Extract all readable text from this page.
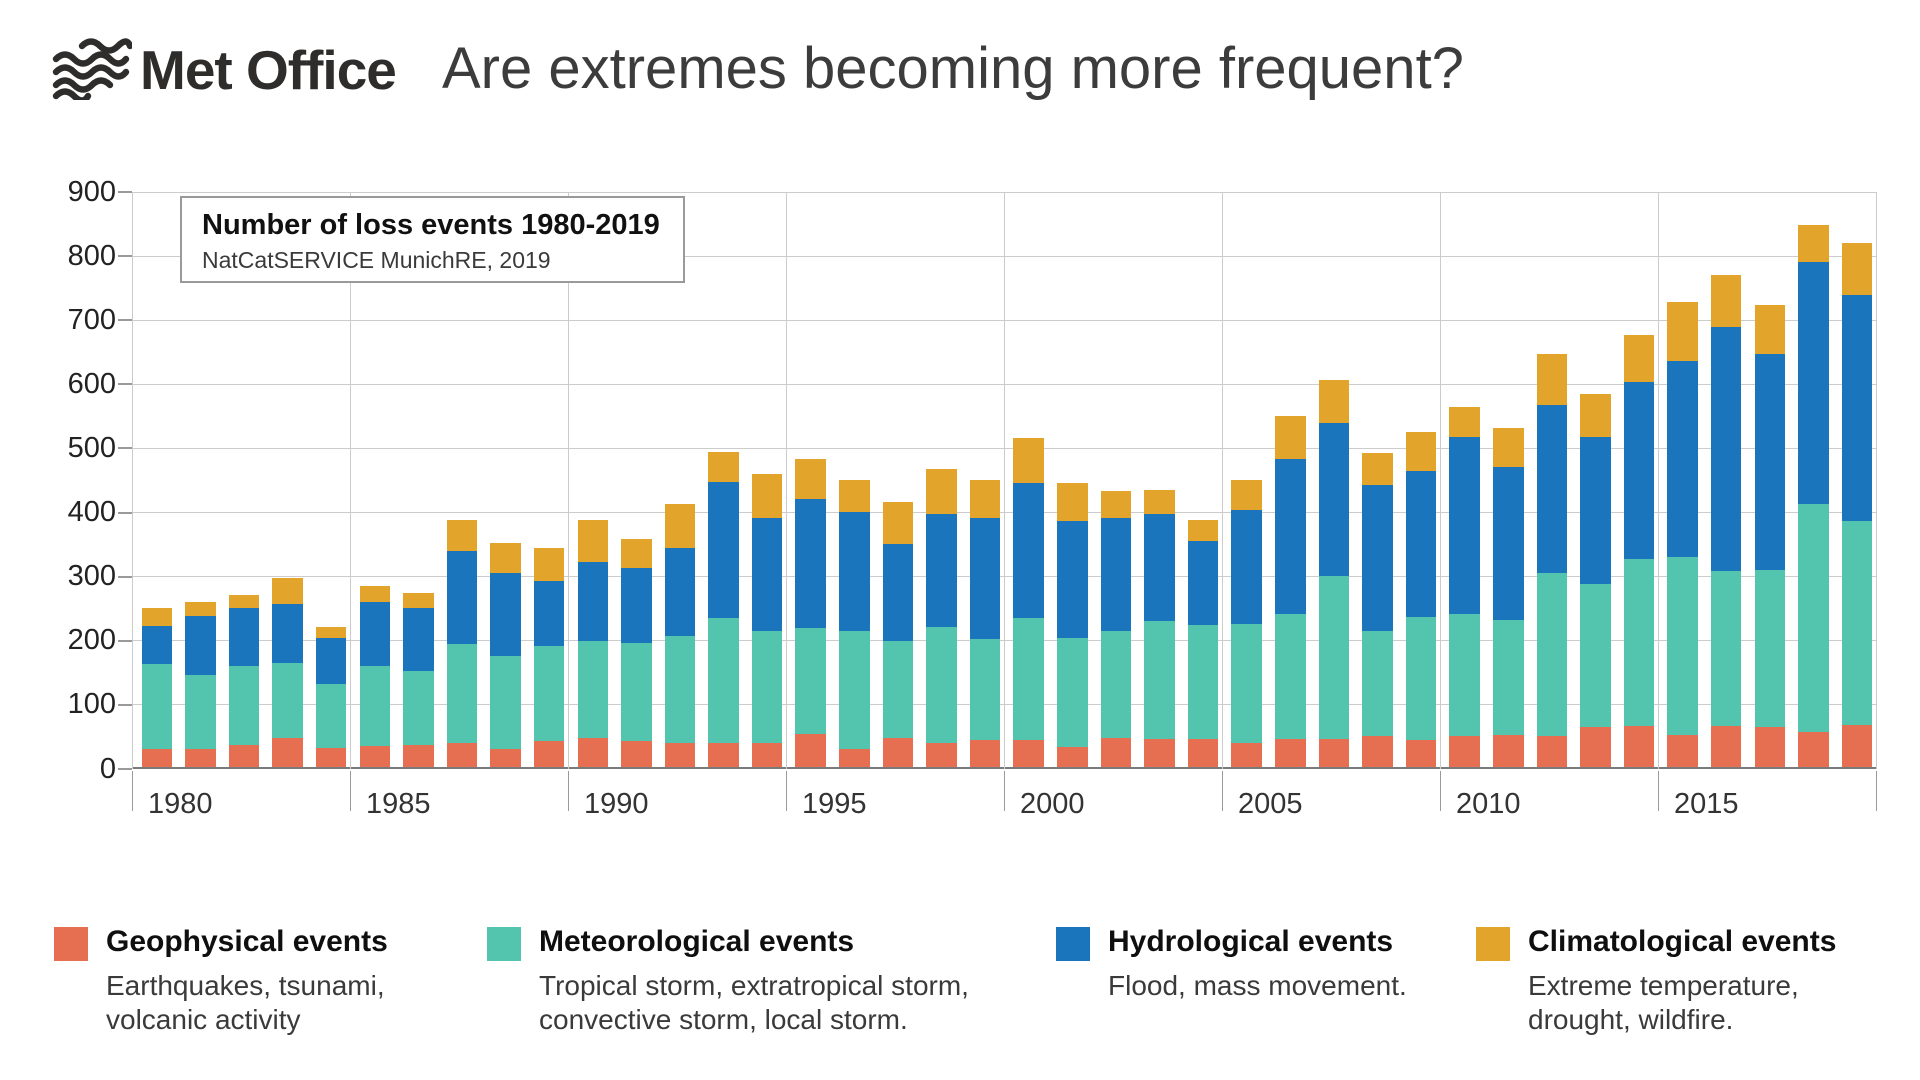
Met Office Are extremes becoming more frequent?
0
100
200
300
400
500
600
700
800
900
1980	1985	1990	1995	2000	2005	2010	2015
Number of loss events 1980-2019
NatCatSERVICE MunichRE, 2019
Geophysical events
Earthquakes, tsunami, volcanic activity
Meteorological events
Tropical storm, extratropical storm, convective storm, local storm.
Hydrological events
Flood, mass movement.
Climatological events
Extreme temperature, drought, wildfire.
